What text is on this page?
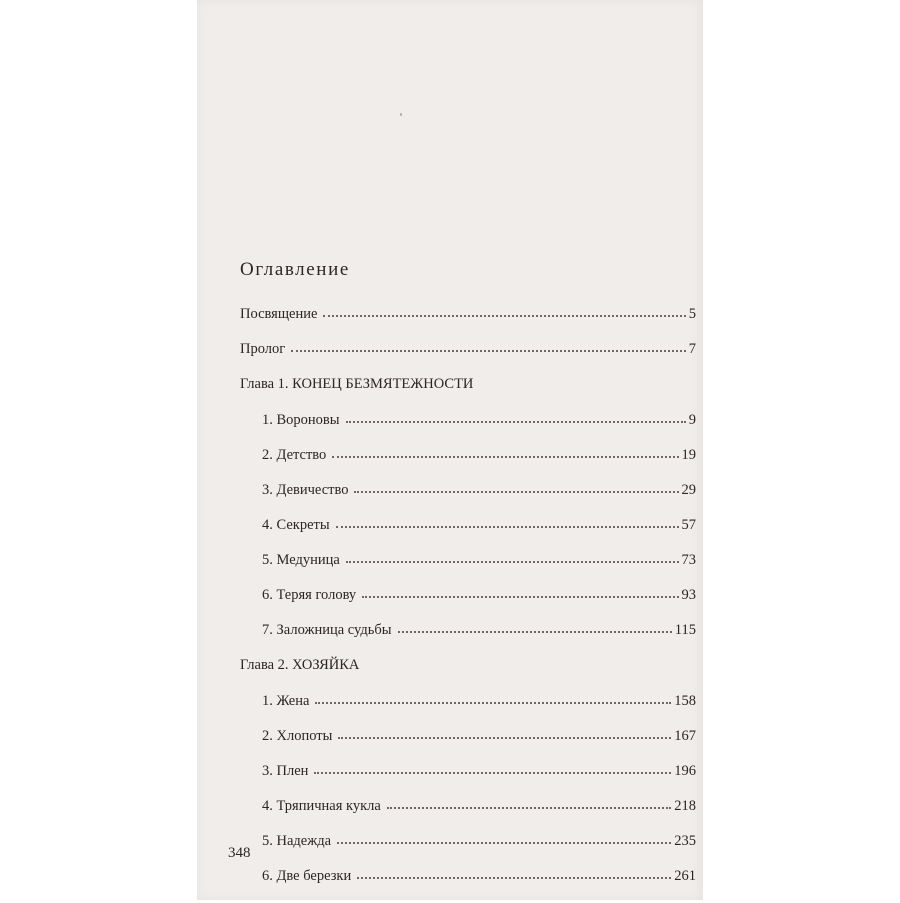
Оглавление
Посвящение	5
Пролог	7
Глава 1. КОНЕЦ БЕЗМЯТЕЖНОСТИ
1. Вороновы	9
2. Детство	19
3. Девичество	29
4. Секреты	57
5. Медуница	73
6. Теряя голову	93
7. Заложница судьбы	115
Глава 2. ХОЗЯЙКА
1. Жена	158
2. Хлопоты	167
3. Плен	196
4. Тряпичная кукла	218
5. Надежда	235
6. Две березки	261
348
